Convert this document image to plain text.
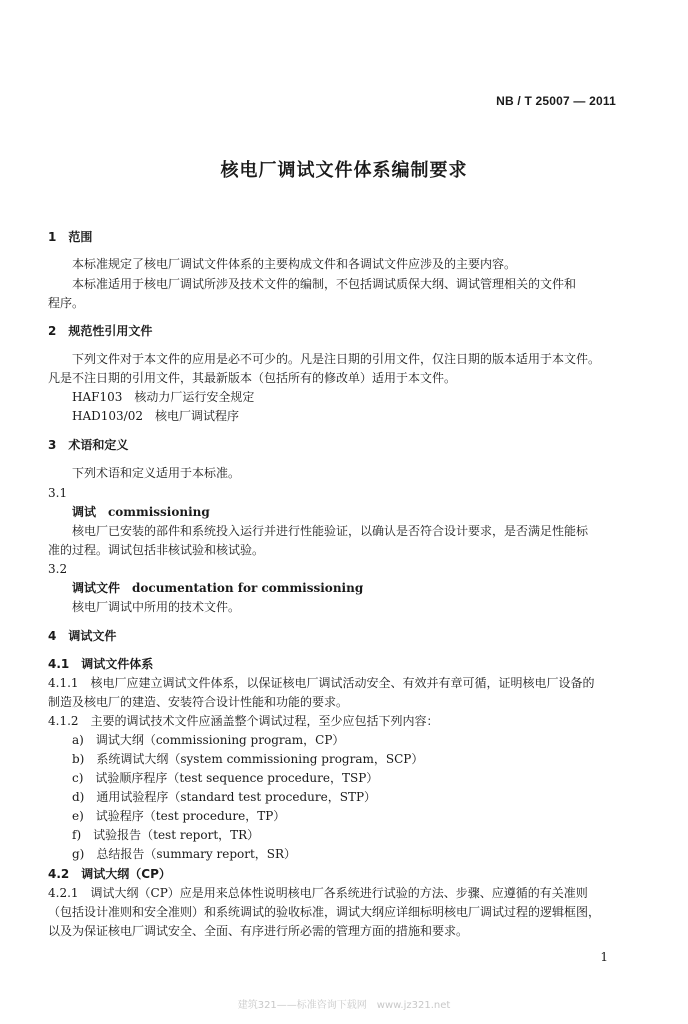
NB / T 25007 — 2011
核电厂调试文件体系编制要求
1　范围
本标准规定了核电厂调试文件体系的主要构成文件和各调试文件应涉及的主要内容。
本标准适用于核电厂调试所涉及技术文件的编制，不包括调试质保大纲、调试管理相关的文件和
程序。
2　规范性引用文件
下列文件对于本文件的应用是必不可少的。凡是注日期的引用文件，仅注日期的版本适用于本文件。
凡是不注日期的引用文件，其最新版本（包括所有的修改单）适用于本文件。
HAF103　核动力厂运行安全规定
HAD103/02　核电厂调试程序
3　术语和定义
下列术语和定义适用于本标准。
3.1
调试　commissioning
核电厂已安装的部件和系统投入运行并进行性能验证，以确认是否符合设计要求，是否满足性能标
准的过程。调试包括非核试验和核试验。
3.2
调试文件　documentation for commissioning
核电厂调试中所用的技术文件。
4　调试文件
4.1　调试文件体系
4.1.1　核电厂应建立调试文件体系，以保证核电厂调试活动安全、有效并有章可循，证明核电厂设备的
制造及核电厂的建造、安装符合设计性能和功能的要求。
4.1.2　主要的调试技术文件应涵盖整个调试过程，至少应包括下列内容：
a)　调试大纲（commissioning program，CP）
b)　系统调试大纲（system commissioning program，SCP）
c)　试验顺序程序（test sequence procedure，TSP）
d)　通用试验程序（standard test procedure，STP）
e)　试验程序（test procedure，TP）
f)　试验报告（test report，TR）
g)　总结报告（summary report，SR）
4.2　调试大纲（CP）
4.2.1　调试大纲（CP）应是用来总体性说明核电厂各系统进行试验的方法、步骤、应遵循的有关准则
（包括设计准则和安全准则）和系统调试的验收标准，调试大纲应详细标明核电厂调试过程的逻辑框图，
以及为保证核电厂调试安全、全面、有序进行所必需的管理方面的措施和要求。
1
建筑321——标准咨询下载网　www.jz321.net
